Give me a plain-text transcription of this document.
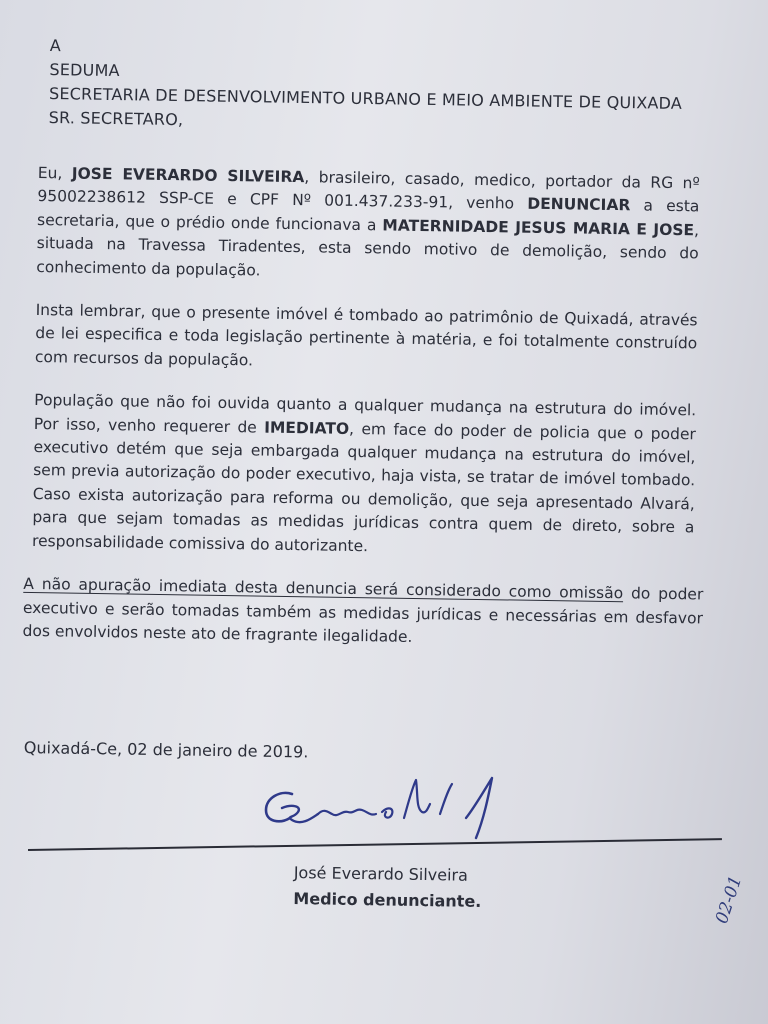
A
SEDUMA
SECRETARIA DE DESENVOLVIMENTO URBANO E MEIO AMBIENTE DE QUIXADA
SR. SECRETARO,

Eu, JOSE EVERARDO SILVEIRA, brasileiro, casado, medico, portador da RG nº 95002238612 SSP-CE e CPF Nº 001.437.233-91, venho DENUNCIAR a esta secretaria, que o prédio onde funcionava a MATERNIDADE JESUS MARIA E JOSE, situada na Travessa Tiradentes, esta sendo motivo de demolição, sendo do conhecimento da população.

Insta lembrar, que o presente imóvel é tombado ao patrimônio de Quixadá, através de lei especifica e toda legislação pertinente à matéria, e foi totalmente construído com recursos da população.

População que não foi ouvida quanto a qualquer mudança na estrutura do imóvel. Por isso, venho requerer de IMEDIATO, em face do poder de policia que o poder executivo detém que seja embargada qualquer mudança na estrutura do imóvel, sem previa autorização do poder executivo, haja vista, se tratar de imóvel tombado. Caso exista autorização para reforma ou demolição, que seja apresentado Alvará, para que sejam tomadas as medidas jurídicas contra quem de direto, sobre a responsabilidade comissiva do autorizante.

A não apuração imediata desta denuncia será considerado como omissão do poder executivo e serão tomadas também as medidas jurídicas e necessárias em desfavor dos envolvidos neste ato de fragrante ilegalidade.

Quixadá-Ce, 02 de janeiro de 2019.
José Everardo Silveira
Medico denunciante.	02-01
